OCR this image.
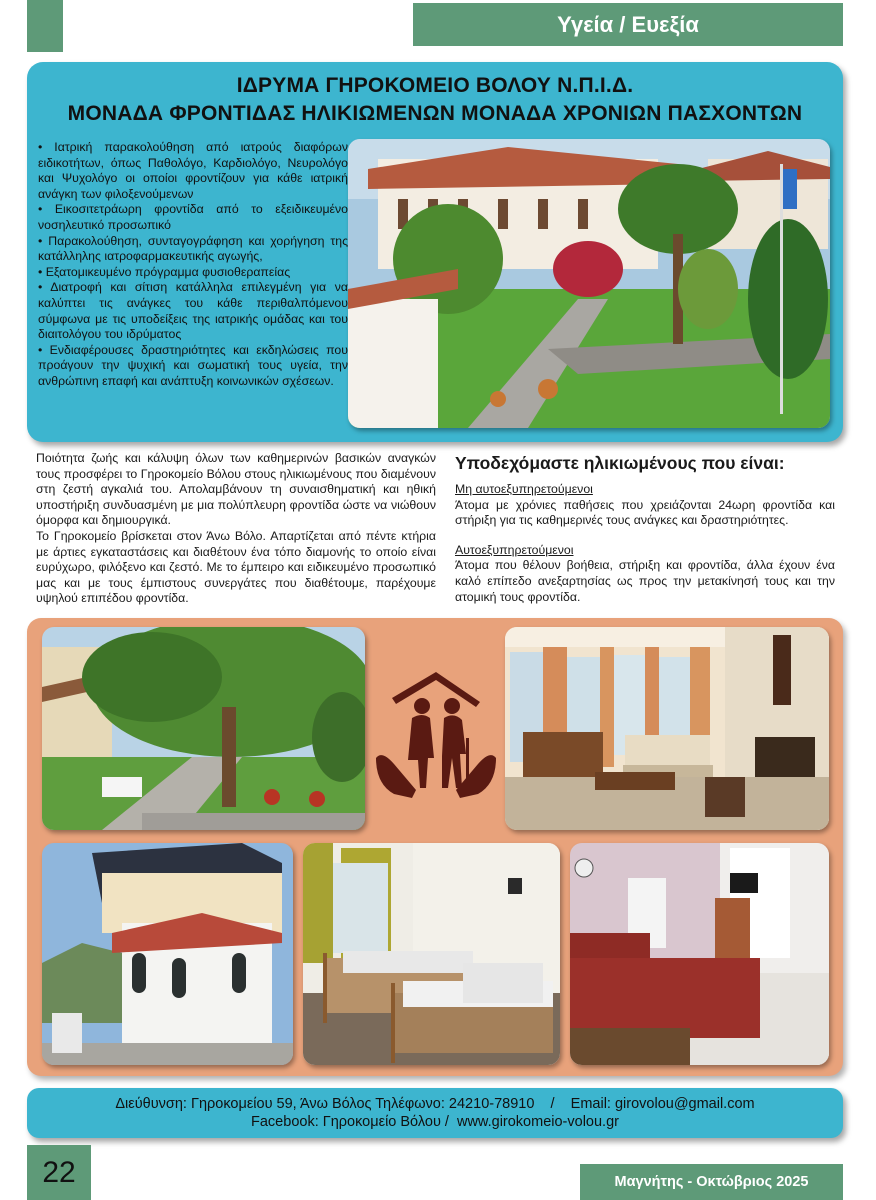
Υγεία / Ευεξία
ΙΔΡΥΜΑ ΓΗΡΟΚΟΜΕΙΟ ΒΟΛΟΥ Ν.Π.Ι.Δ.
ΜΟΝΑΔΑ ΦΡΟΝΤΙΔΑΣ ΗΛΙΚΙΩΜΕΝΩΝ ΜΟΝΑΔΑ ΧΡΟΝΙΩΝ ΠΑΣΧΟΝΤΩΝ
• Ιατρική παρακολούθηση από ιατρούς διαφόρων ειδικοτήτων, όπως Παθολόγο, Καρδιολόγο, Νευρολόγο και Ψυχολόγο οι οποίοι φροντίζουν για κάθε ιατρική ανάγκη των φιλοξενούμενων
• Εικοσιτετράωρη φροντίδα από το εξειδικευμένο νοσηλευτικό προσωπικό
• Παρακολούθηση, συνταγογράφηση και χορήγηση της κατάλληλης ιατροφαρμακευτικής αγωγής,
• Εξατομικευμένο πρόγραμμα φυσιοθεραπείας
• Διατροφή και σίτιση κατάλληλα επιλεγμένη για να καλύπτει τις ανάγκες του κάθε περιθαλπόμενου σύμφωνα με τις υποδείξεις της ιατρικής ομάδας και του διαιτολόγου του ιδρύματος
• Ενδιαφέρουσες δραστηριότητες και εκδηλώσεις που προάγουν την ψυχική και σωματική τους υγεία, την ανθρώπινη επαφή και ανάπτυξη κοινωνικών σχέσεων.
Ποιότητα ζωής και κάλυψη όλων των καθημερινών βασικών αναγκών τους προσφέρει το Γηροκομείο Βόλου στους ηλικιωμένους που διαμένουν στη ζεστή αγκαλιά του. Απολαμβάνουν τη συναισθηματική και ηθική υποστήριξη συνδυασμένη με μια πολύπλευρη φροντίδα ώστε να νιώθουν όμορφα και δημιουργικά.
Το Γηροκομείο βρίσκεται στον Άνω Βόλο. Απαρτίζεται από πέντε κτήρια με άρτιες εγκαταστάσεις και διαθέτουν ένα τόπο διαμονής το οποίο είναι ευρύχωρο, φιλόξενο και ζεστό. Με το έμπειρο και ειδικευμένο προσωπικό μας και με τους έμπιστους συνεργάτες που διαθέτουμε, παρέχουμε υψηλού επιπέδου φροντίδα.
Υποδεχόμαστε ηλικιωμένους που είναι:
Μη αυτοεξυπηρετούμενοι
Άτομα με χρόνιες παθήσεις που χρειάζονται 24ωρη φροντίδα και στήριξη για τις καθημερινές τους ανάγκες και δραστηριότητες.
Αυτοεξυπηρετούμενοι
Άτομα που θέλουν βοήθεια, στήριξη και φροντίδα, άλλα έχουν ένα καλό επίπεδο ανεξαρτησίας ως προς την μετακίνησή τους και την ατομική τους φροντίδα.
Διεύθυνση: Γηροκομείου 59, Άνω Βόλος Τηλέφωνο: 24210-78910    /    Email: girovolou@gmail.com
Facebook: Γηροκομείο Βόλου /  www.girokomeio-volou.gr
22	Μαγνήτης - Οκτώβριος 2025
